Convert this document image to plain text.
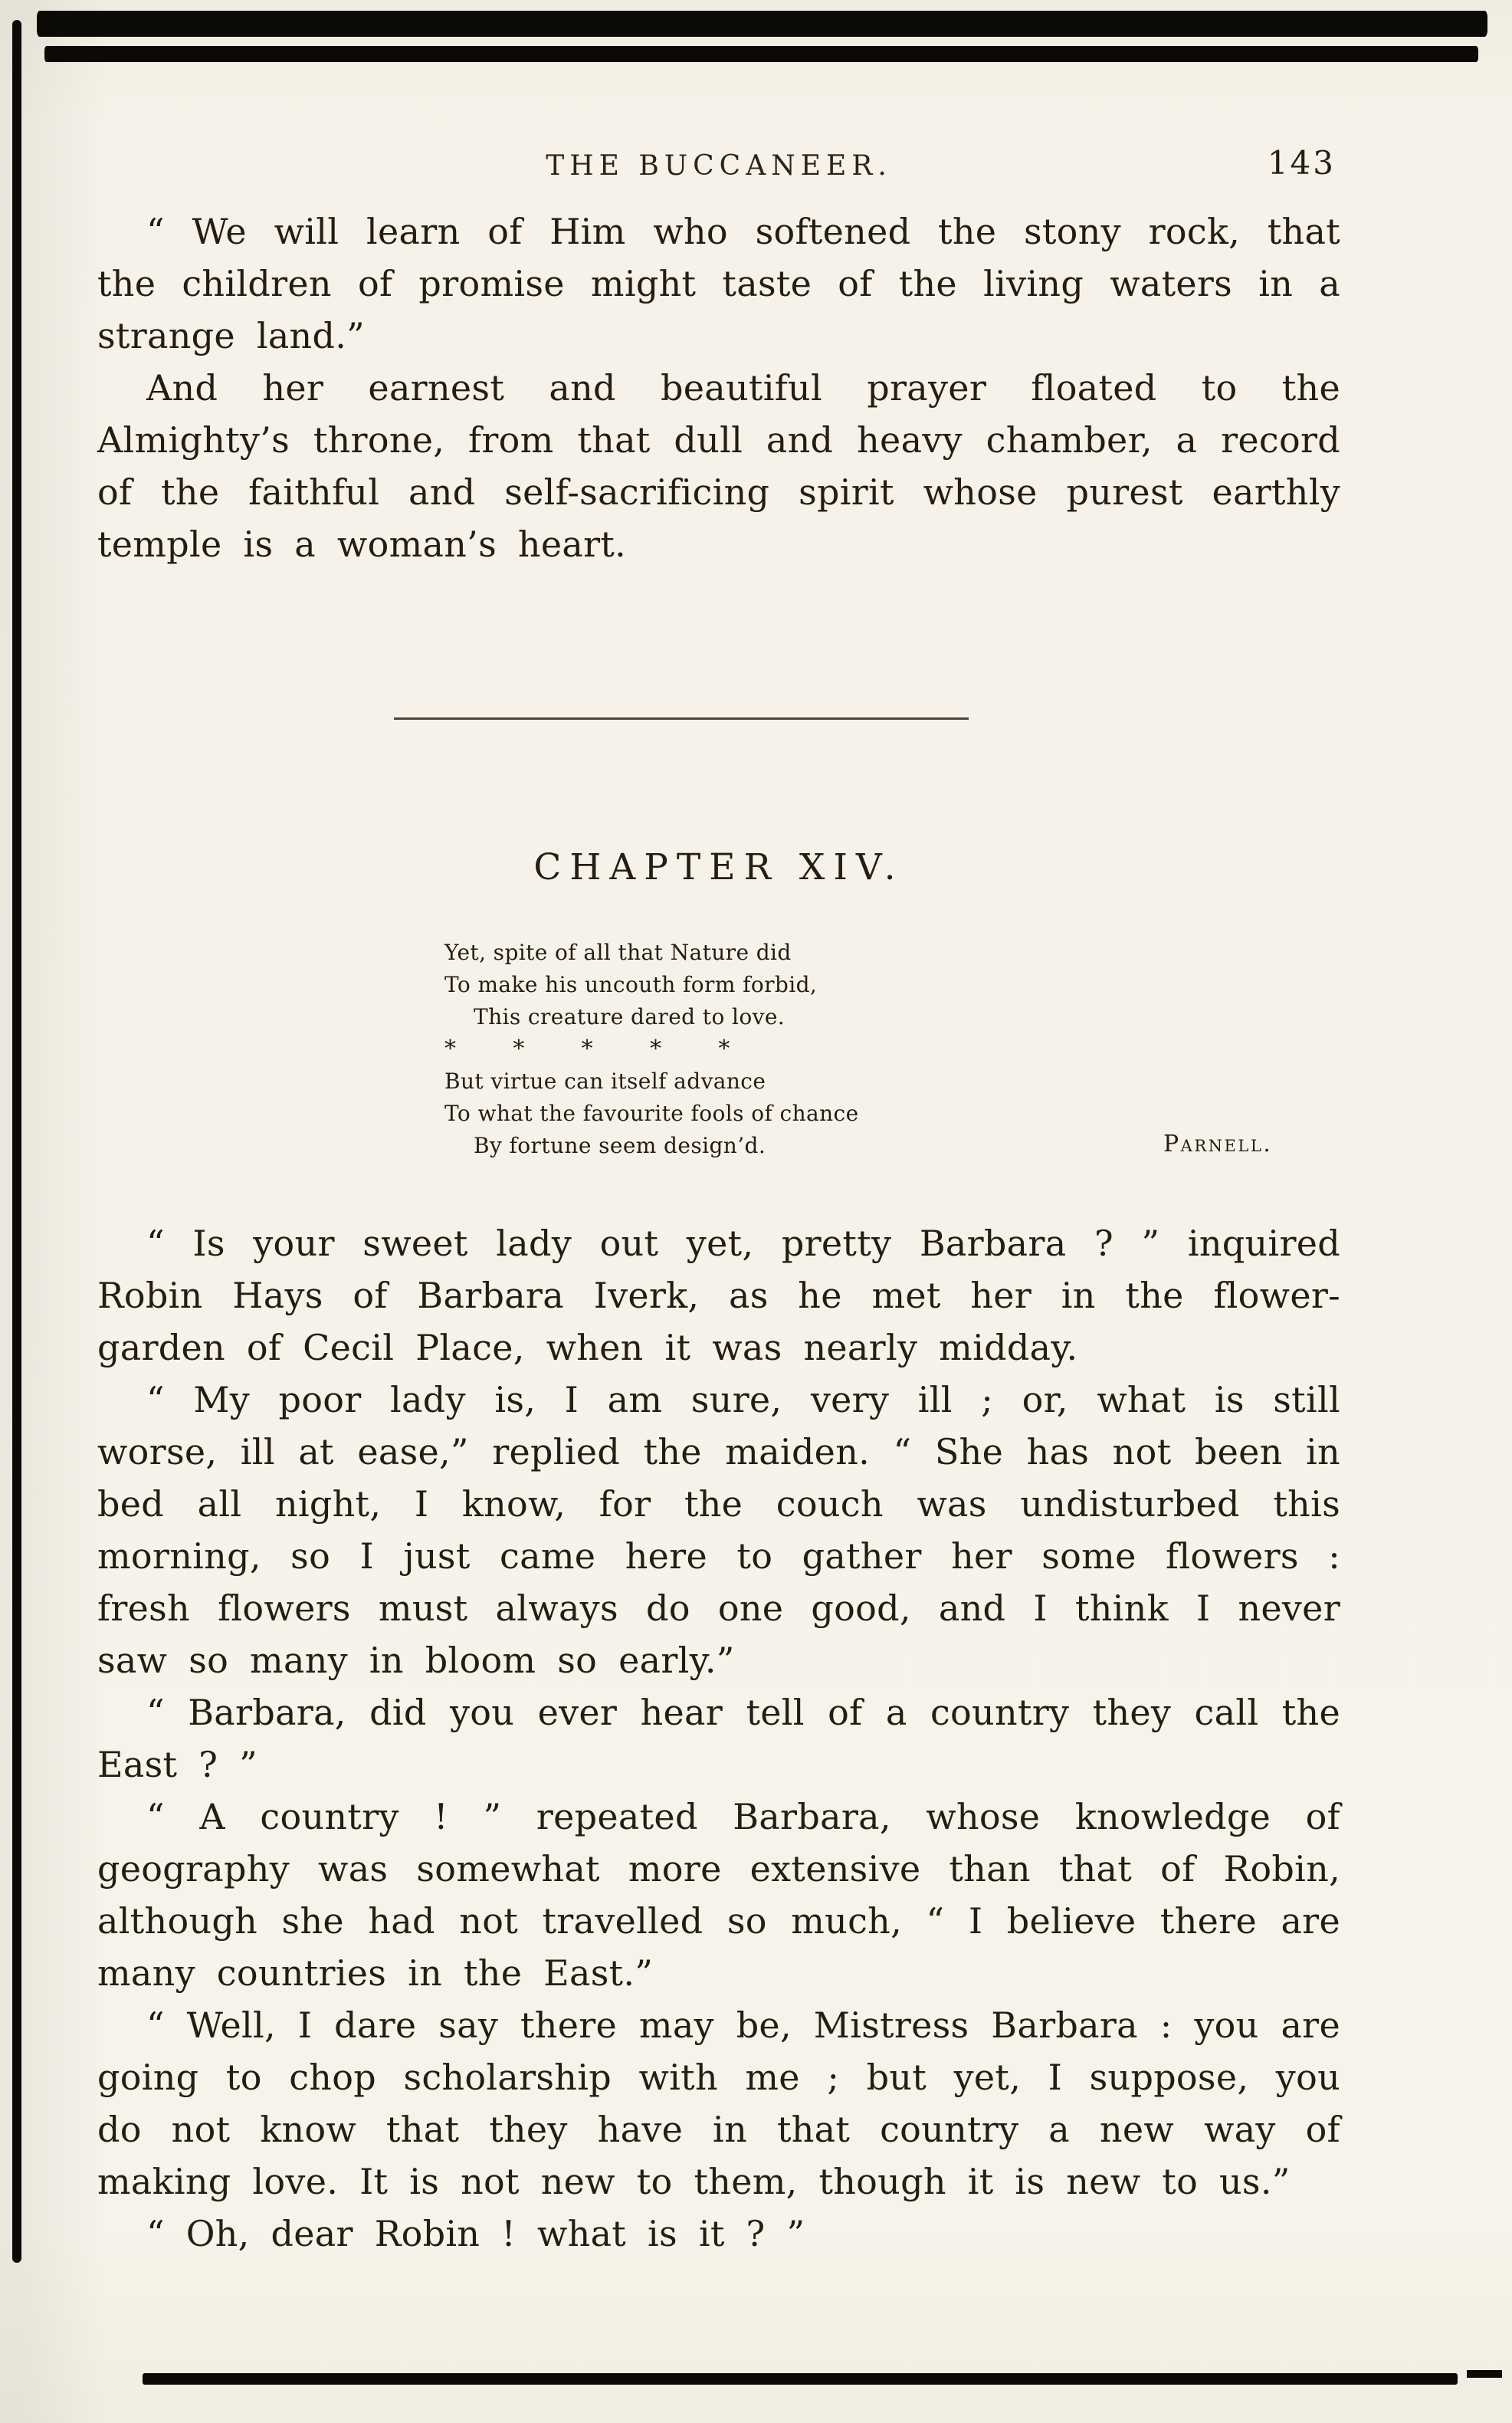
THE BUCCANEER.	143

“ We will learn of Him who softened the stony rock, that the children of promise might taste of the living waters in a strange land.”

And her earnest and beautiful prayer floated to the Almighty’s throne, from that dull and heavy chamber, a record of the faithful and self-sacrificing spirit whose purest earthly temple is a woman’s heart.

CHAPTER XIV.
Yet, spite of all that Nature did
To make his uncouth form forbid,
This creature dared to love.
* * * * *
But virtue can itself advance
To what the favourite fools of chance
By fortune seem design’d.	Parnell.

“ Is your sweet lady out yet, pretty Barbara ? ” inquired Robin Hays of Barbara Iverk, as he met her in the flower-garden of Cecil Place, when it was nearly midday.

“ My poor lady is, I am sure, very ill ; or, what is still worse, ill at ease,” replied the maiden. “ She has not been in bed all night, I know, for the couch was undisturbed this morning, so I just came here to gather her some flowers : fresh flowers must always do one good, and I think I never saw so many in bloom so early.”

“ Barbara, did you ever hear tell of a country they call the East ? ”

“ A country ! ” repeated Barbara, whose knowledge of geography was somewhat more extensive than that of Robin, although she had not travelled so much, “ I believe there are many countries in the East.”

“ Well, I dare say there may be, Mistress Barbara : you are going to chop scholarship with me ; but yet, I suppose, you do not know that they have in that country a new way of making love. It is not new to them, though it is new to us.”

“ Oh, dear Robin ! what is it ? ”
